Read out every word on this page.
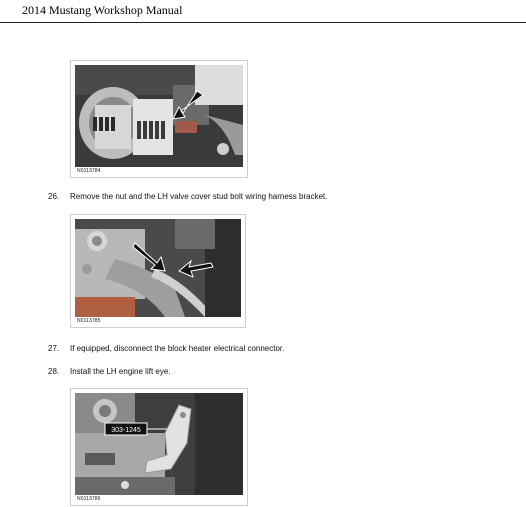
2014 Mustang Workshop Manual
N0113784
26. Remove the nut and the LH valve cover stud bolt wiring harness bracket.
N0113785
27. If equipped, disconnect the block heater electrical connector.
28. Install the LH engine lift eye.
303-1245
N0113786
